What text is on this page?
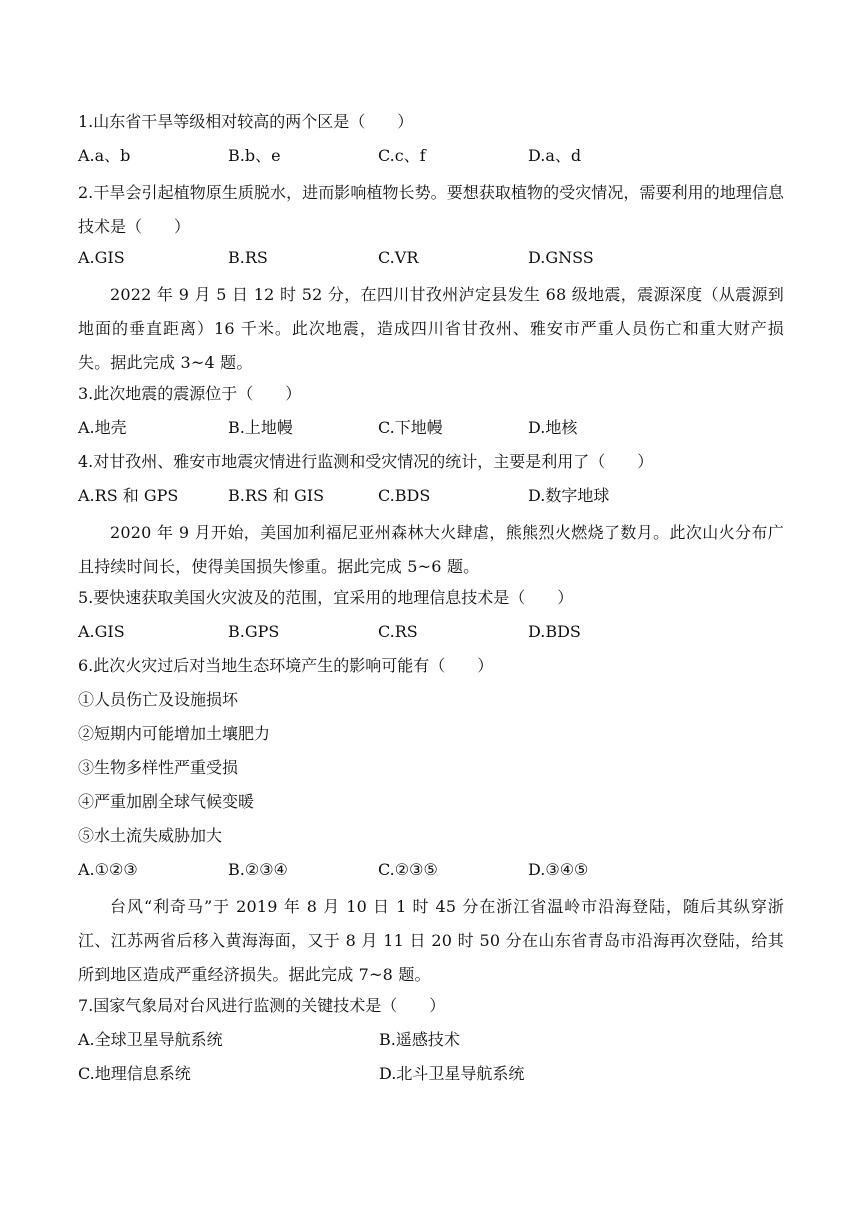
1.山东省干旱等级相对较高的两个区是（　　）
A.a、b	B.b、e	C.c、f	D.a、d
2.干旱会引起植物原生质脱水，进而影响植物长势。要想获取植物的受灾情况，需要利用的地理信息技术是（　　）
A.GIS	B.RS	C.VR	D.GNSS
2022 年 9 月 5 日 12 时 52 分，在四川甘孜州泸定县发生 68 级地震，震源深度（从震源到地面的垂直距离）16 千米。此次地震，造成四川省甘孜州、雅安市严重人员伤亡和重大财产损失。据此完成 3~4 题。
3.此次地震的震源位于（　　）
A.地壳	B.上地幔	C.下地幔	D.地核
4.对甘孜州、雅安市地震灾情进行监测和受灾情况的统计，主要是利用了（　　）
A.RS 和 GPS	B.RS 和 GIS	C.BDS	D.数字地球
2020 年 9 月开始，美国加利福尼亚州森林大火肆虐，熊熊烈火燃烧了数月。此次山火分布广且持续时间长，使得美国损失惨重。据此完成 5~6 题。
5.要快速获取美国火灾波及的范围，宜采用的地理信息技术是（　　）
A.GIS	B.GPS	C.RS	D.BDS
6.此次火灾过后对当地生态环境产生的影响可能有（　　）
①人员伤亡及设施损坏
②短期内可能增加土壤肥力
③生物多样性严重受损
④严重加剧全球气候变暖
⑤水土流失威胁加大
A.①②③	B.②③④	C.②③⑤	D.③④⑤
台风“利奇马”于 2019 年 8 月 10 日 1 时 45 分在浙江省温岭市沿海登陆，随后其纵穿浙江、江苏两省后移入黄海海面，又于 8 月 11 日 20 时 50 分在山东省青岛市沿海再次登陆，给其所到地区造成严重经济损失。据此完成 7~8 题。
7.国家气象局对台风进行监测的关键技术是（　　）
A.全球卫星导航系统	B.遥感技术
C.地理信息系统	D.北斗卫星导航系统
